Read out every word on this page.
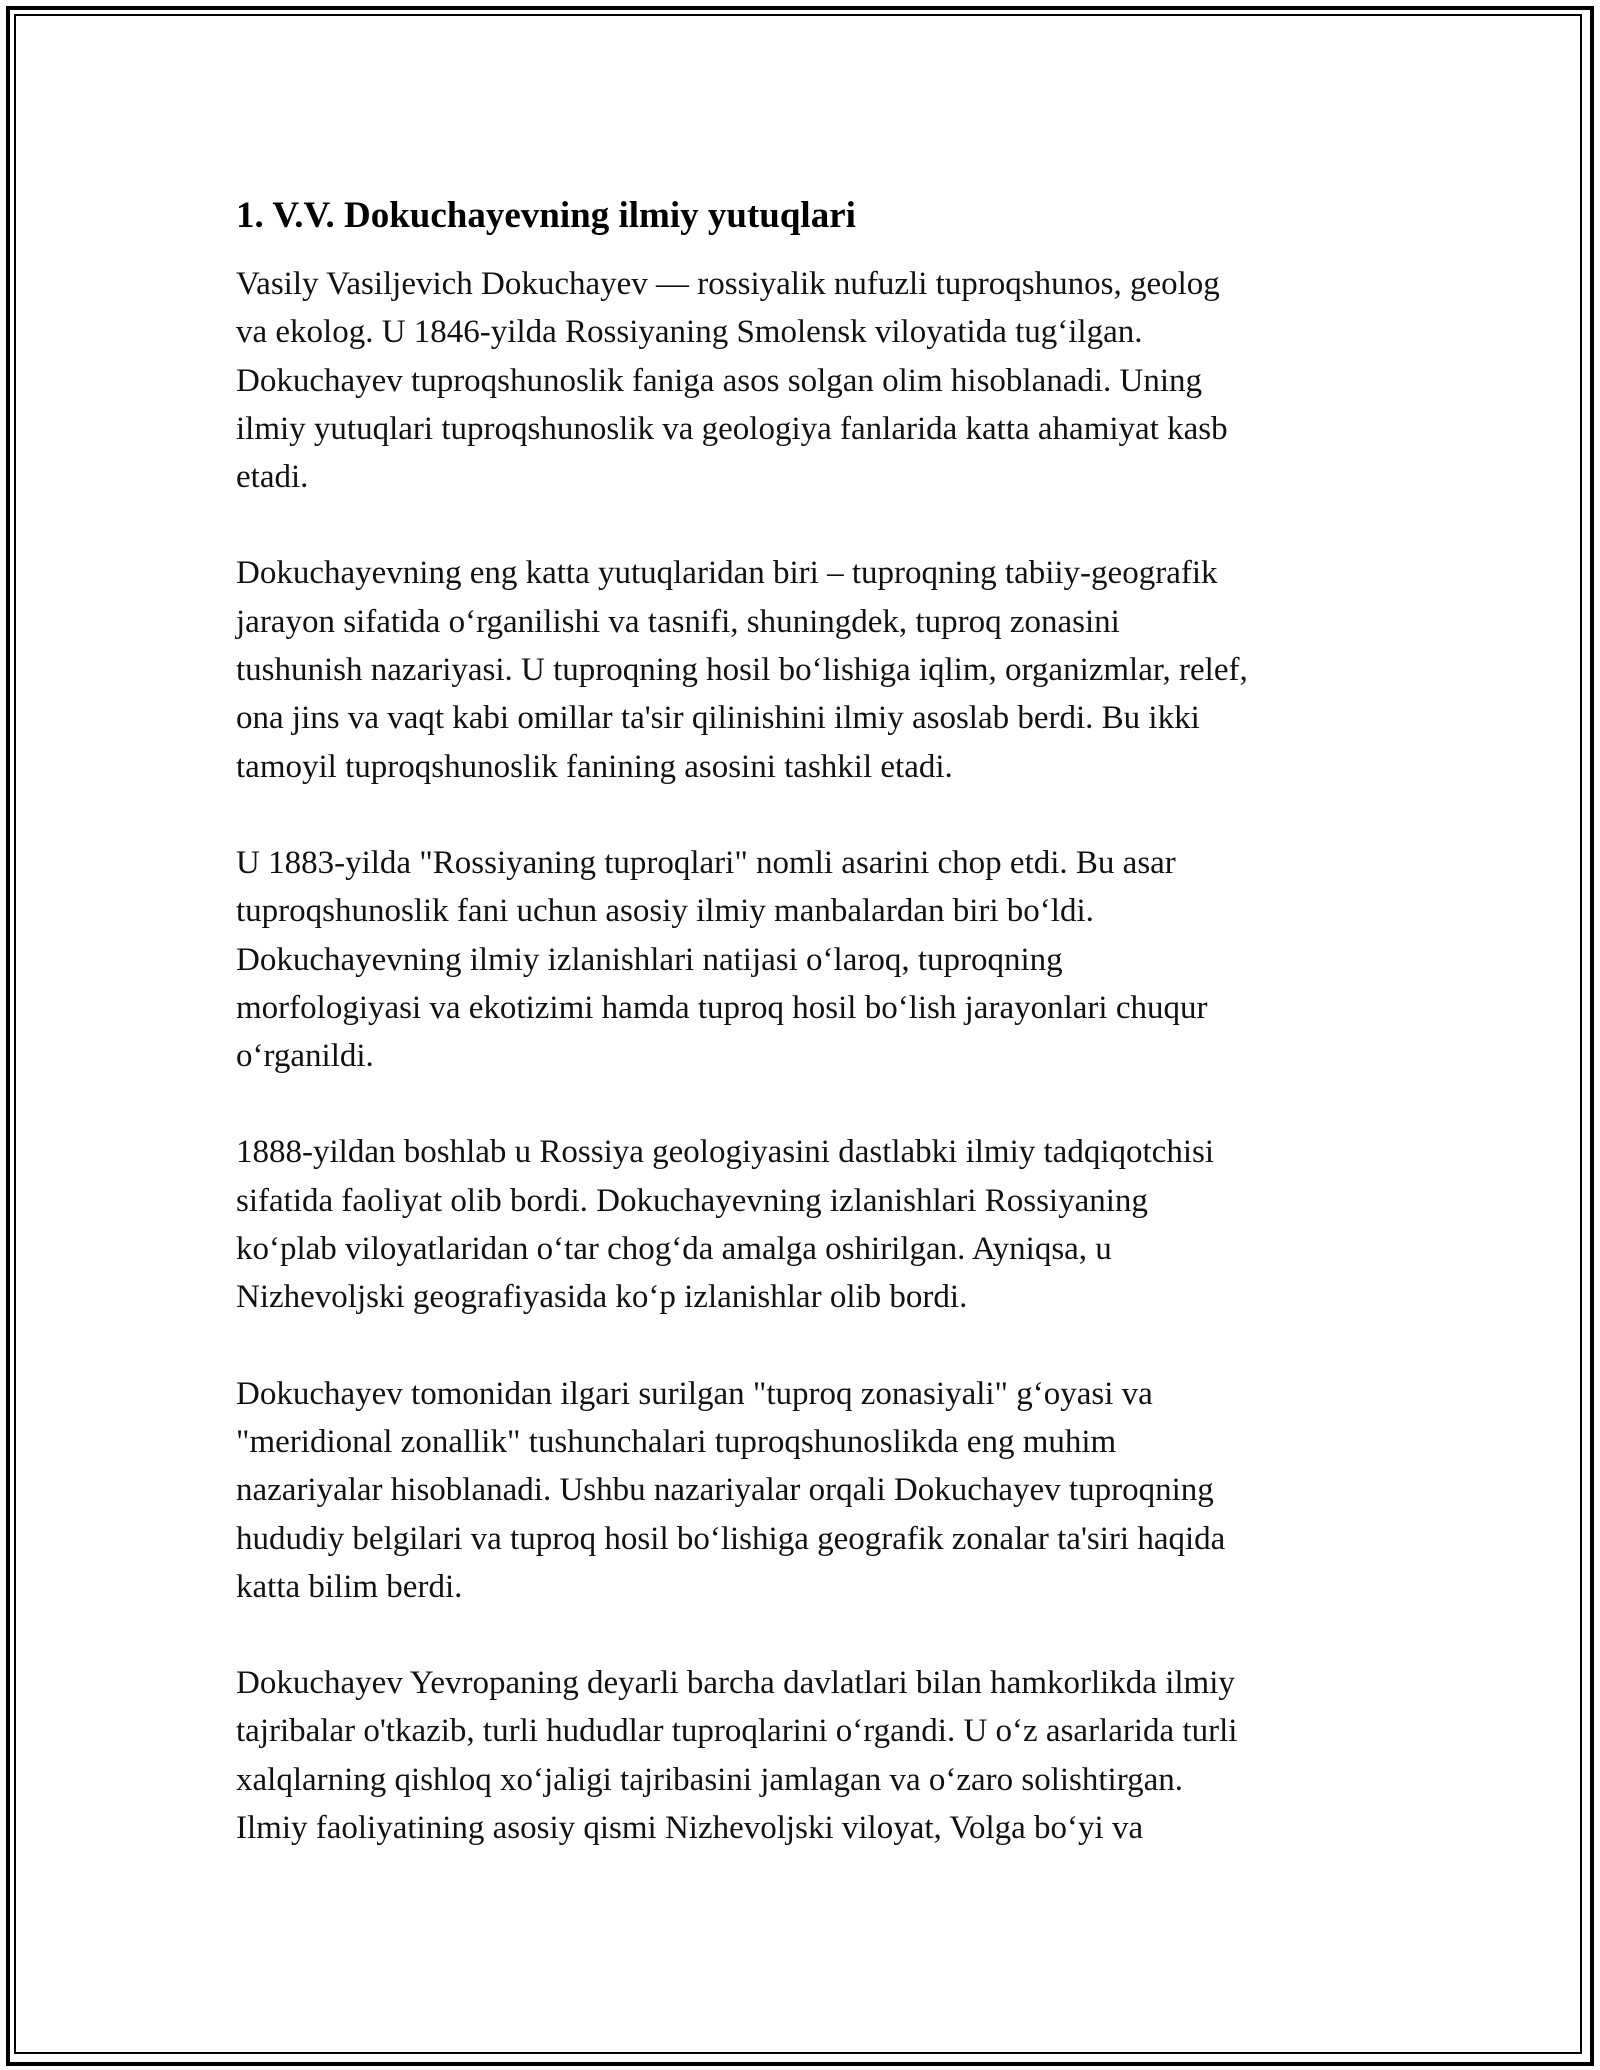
1. V.V. Dokuchayevning ilmiy yutuqlari

Vasily Vasiljevich Dokuchayev — rossiyalik nufuzli tuproqshunos, geolog
va ekolog. U 1846-yilda Rossiyaning Smolensk viloyatida tug‘ilgan.
Dokuchayev tuproqshunoslik faniga asos solgan olim hisoblanadi. Uning
ilmiy yutuqlari tuproqshunoslik va geologiya fanlarida katta ahamiyat kasb
etadi.

Dokuchayevning eng katta yutuqlaridan biri – tuproqning tabiiy-geografik
jarayon sifatida o‘rganilishi va tasnifi, shuningdek, tuproq zonasini
tushunish nazariyasi. U tuproqning hosil bo‘lishiga iqlim, organizmlar, relef,
ona jins va vaqt kabi omillar ta'sir qilinishini ilmiy asoslab berdi. Bu ikki
tamoyil tuproqshunoslik fanining asosini tashkil etadi.

U 1883-yilda "Rossiyaning tuproqlari" nomli asarini chop etdi. Bu asar
tuproqshunoslik fani uchun asosiy ilmiy manbalardan biri bo‘ldi.
Dokuchayevning ilmiy izlanishlari natijasi o‘laroq, tuproqning
morfologiyasi va ekotizimi hamda tuproq hosil bo‘lish jarayonlari chuqur
o‘rganildi.

1888-yildan boshlab u Rossiya geologiyasini dastlabki ilmiy tadqiqotchisi
sifatida faoliyat olib bordi. Dokuchayevning izlanishlari Rossiyaning
ko‘plab viloyatlaridan o‘tar chog‘da amalga oshirilgan. Ayniqsa, u
Nizhevoljski geografiyasida ko‘p izlanishlar olib bordi.

Dokuchayev tomonidan ilgari surilgan "tuproq zonasiyali" g‘oyasi va
"meridional zonallik" tushunchalari tuproqshunoslikda eng muhim
nazariyalar hisoblanadi. Ushbu nazariyalar orqali Dokuchayev tuproqning
hududiy belgilari va tuproq hosil bo‘lishiga geografik zonalar ta'siri haqida
katta bilim berdi.

Dokuchayev Yevropaning deyarli barcha davlatlari bilan hamkorlikda ilmiy
tajribalar o'tkazib, turli hududlar tuproqlarini o‘rgandi. U o‘z asarlarida turli
xalqlarning qishloq xo‘jaligi tajribasini jamlagan va o‘zaro solishtirgan.
Ilmiy faoliyatining asosiy qismi Nizhevoljski viloyat, Volga bo‘yi va
